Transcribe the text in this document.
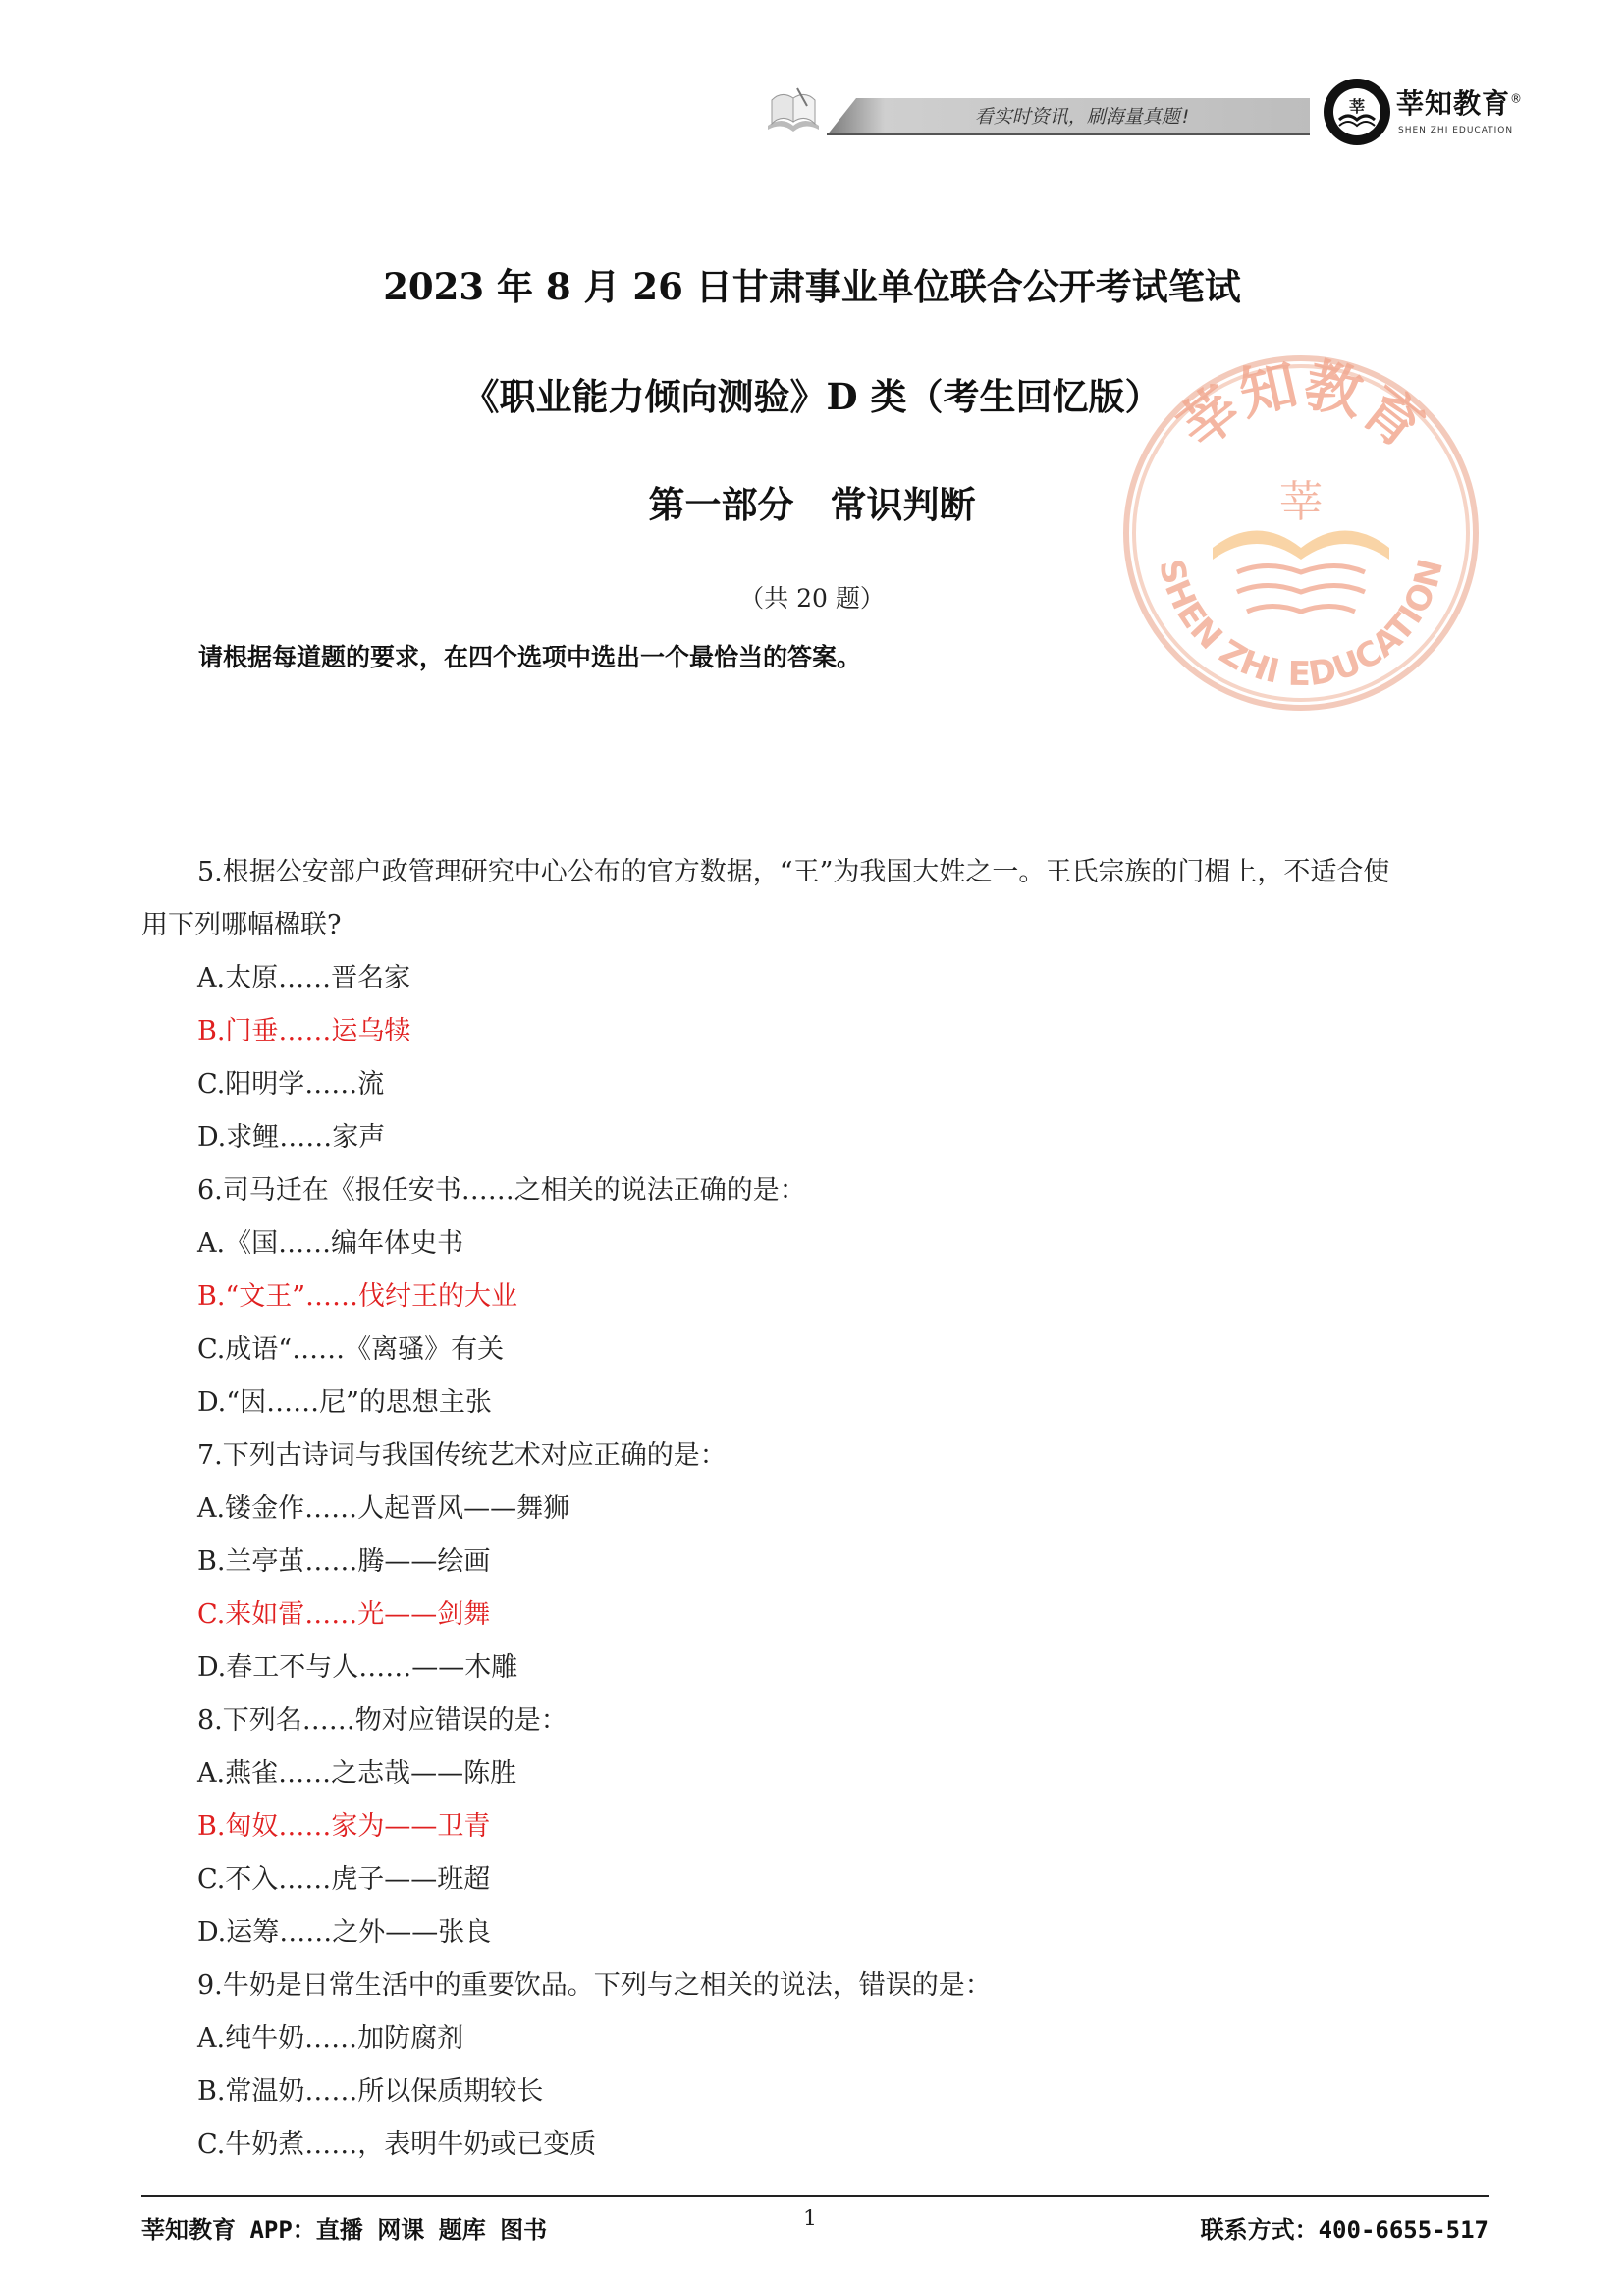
看实时资讯，刷海量真题!	莘 莘知教育®
SHEN ZHI EDUCATION
莘知教育
莘
SHEN ZHI EDUCATION
2023 年 8 月 26 日甘肃事业单位联合公开考试笔试
《职业能力倾向测验》D 类（考生回忆版）
第一部分　常识判断
（共 20 题）
请根据每道题的要求，在四个选项中选出一个最恰当的答案。
5.根据公安部户政管理研究中心公布的官方数据，“王”为我国大姓之一。王氏宗族的门楣上，不适合使
用下列哪幅楹联?
A.太原……晋名家
B.门垂……运乌犊
C.阳明学……流
D.求鲤……家声
6.司马迁在《报任安书……之相关的说法正确的是：
A.《国……编年体史书
B.“文王”……伐纣王的大业
C.成语“……《离骚》有关
D.“因……尼”的思想主张
7.下列古诗词与我国传统艺术对应正确的是：
A.镂金作……人起晋风——舞狮
B.兰亭茧……腾——绘画
C.来如雷……光——剑舞
D.春工不与人……——木雕
8.下列名……物对应错误的是：
A.燕雀……之志哉——陈胜
B.匈奴……家为——卫青
C.不入……虎子——班超
D.运筹……之外——张良
9.牛奶是日常生活中的重要饮品。下列与之相关的说法，错误的是：
A.纯牛奶……加防腐剂
B.常温奶……所以保质期较长
C.牛奶煮……，表明牛奶或已变质
莘知教育 APP：直播 网课 题库 图书	1	联系方式：400-6655-517
